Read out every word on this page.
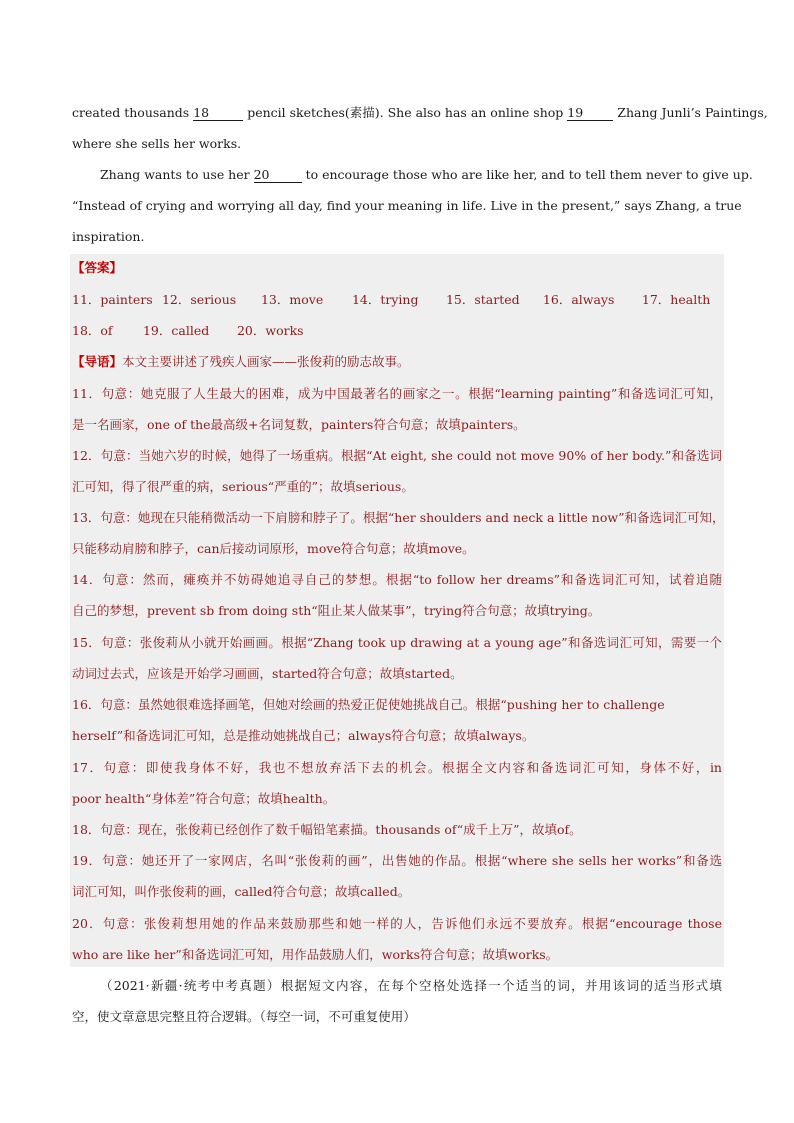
created thousands 18	pencil sketches(素描). She also has an online shop 19	Zhang Junli’s Paintings,
where she sells her works.
Zhang wants to use her 20	to encourage those who are like her, and to tell them never to give up.
“Instead of crying and worrying all day, find your meaning in life. Live in the present,” says Zhang, a true
inspiration.
【答案】
11．painters 12．serious 13．move 14．trying 15．started 16．always 17．health
18．of 19．called 20．works
【导语】本文主要讲述了残疾人画家——张俊莉的励志故事。
11．句意：她克服了人生最大的困难，成为中国最著名的画家之一。根据“learning painting”和备选词汇可知，
是一名画家，one of the最高级+名词复数，painters符合句意；故填painters。
12．句意：当她六岁的时候，她得了一场重病。根据“At eight, she could not move 90% of her body.”和备选词
汇可知，得了很严重的病，serious“严重的”；故填serious。
13．句意：她现在只能稍微活动一下肩膀和脖子了。根据“her shoulders and neck a little now”和备选词汇可知，
只能移动肩膀和脖子，can后接动词原形，move符合句意；故填move。
14．句意：然而，瘫痪并不妨碍她追寻自己的梦想。根据“to follow her dreams”和备选词汇可知，试着追随
自己的梦想，prevent sb from doing sth“阻止某人做某事”，trying符合句意；故填trying。
15．句意：张俊莉从小就开始画画。根据“Zhang took up drawing at a young age”和备选词汇可知，需要一个
动词过去式，应该是开始学习画画，started符合句意；故填started。
16．句意：虽然她很难选择画笔，但她对绘画的热爱正促使她挑战自己。根据“pushing her to challenge
herself”和备选词汇可知，总是推动她挑战自己；always符合句意；故填always。
17．句意：即使我身体不好，我也不想放弃活下去的机会。根据全文内容和备选词汇可知，身体不好，in
poor health“身体差”符合句意；故填health。
18．句意：现在，张俊莉已经创作了数千幅铅笔素描。thousands of“成千上万”，故填of。
19．句意：她还开了一家网店，名叫“张俊莉的画”，出售她的作品。根据“where she sells her works”和备选
词汇可知，叫作张俊莉的画，called符合句意；故填called。
20．句意：张俊莉想用她的作品来鼓励那些和她一样的人，告诉他们永远不要放弃。根据“encourage those
who are like her”和备选词汇可知，用作品鼓励人们，works符合句意；故填works。
（2021·新疆·统考中考真题）根据短文内容，在每个空格处选择一个适当的词，并用该词的适当形式填
空，使文章意思完整且符合逻辑。（每空一词，不可重复使用）
